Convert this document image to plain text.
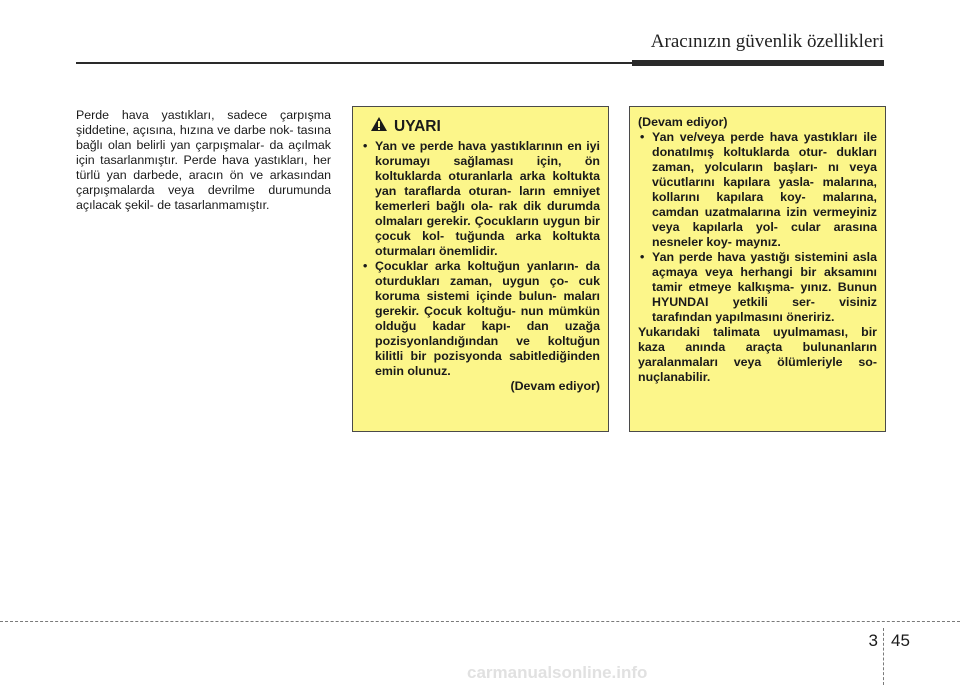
Aracınızın güvenlik özellikleri
Perde hava yastıkları, sadece çarpışma şiddetine, açısına, hızına ve darbe nok- tasına bağlı olan belirli yan çarpışmalar- da açılmak için tasarlanmıştır. Perde hava yastıkları, her türlü yan darbede, aracın ön ve arkasından çarpışmalarda veya devrilme durumunda açılacak şekil- de tasarlanmamıştır.
UYARI
• Yan ve perde hava yastıklarının en iyi korumayı sağlaması için, ön koltuklarda oturanlarla arka koltukta yan taraflarda oturan- ların emniyet kemerleri bağlı ola- rak dik durumda olmaları gerekir. Çocukların uygun bir çocuk kol- tuğunda arka koltukta oturmaları önemlidir.
• Çocuklar arka koltuğun yanların- da oturdukları zaman, uygun ço- cuk koruma sistemi içinde bulun- maları gerekir. Çocuk koltuğu- nun mümkün olduğu kadar kapı- dan uzağa pozisyonlandığından ve koltuğun kilitli bir pozisyonda sabitlediğinden emin olunuz.
(Devam ediyor)
(Devam ediyor)
• Yan ve/veya perde hava yastıkları ile donatılmış koltuklarda otur- dukları zaman, yolcuların başları- nı veya vücutlarını kapılara yasla- malarına, kollarını kapılara koy- malarına, camdan uzatmalarına izin vermeyiniz veya kapılarla yol- cular arasına nesneler koy- maynız.
• Yan perde hava yastığı sistemini asla açmaya veya herhangi bir aksamını tamir etmeye kalkışma- yınız. Bunun HYUNDAI yetkili ser- visiniz tarafından yapılmasını öneririz.
Yukarıdaki talimata uyulmaması, bir kaza anında araçta bulunanların yaralanmaları veya ölümleriyle so- nuçlanabilir.
3 45
carmanualsonline.info
